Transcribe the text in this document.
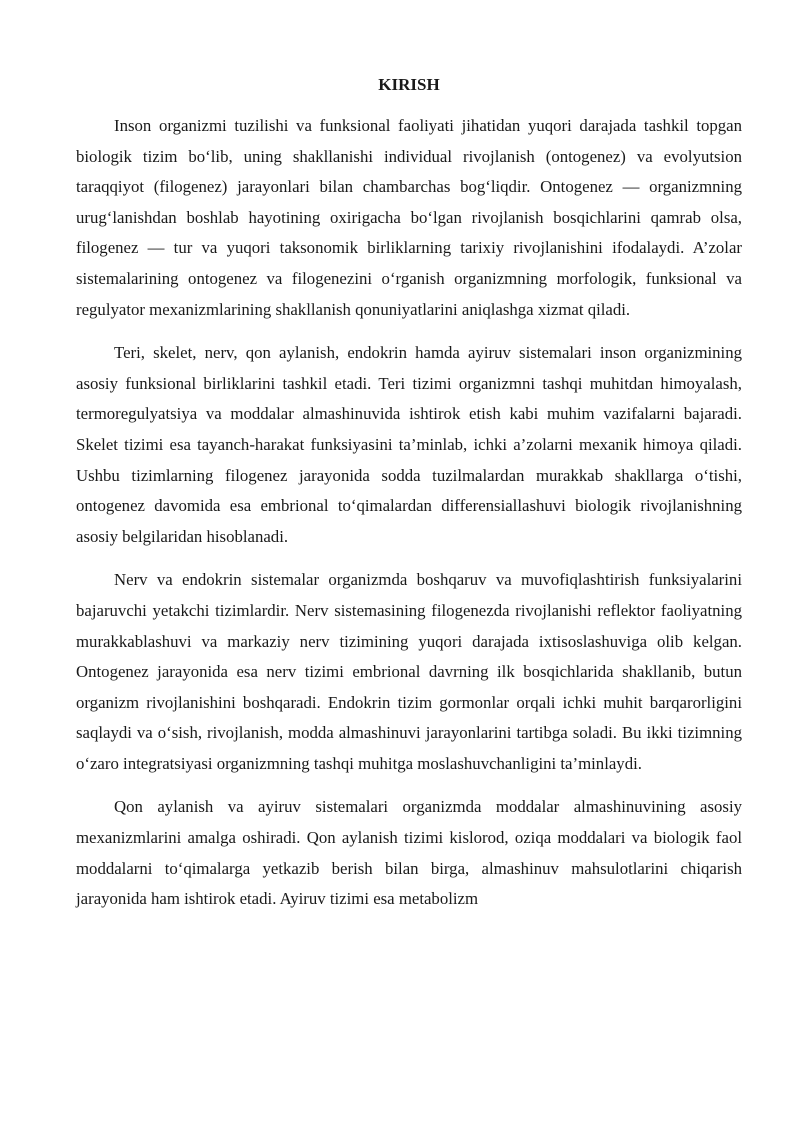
KIRISH

Inson organizmi tuzilishi va funksional faoliyati jihatidan yuqori darajada tashkil topgan biologik tizim bo‘lib, uning shakllanishi individual rivojlanish (ontogenez) va evolyutsion taraqqiyot (filogenez) jarayonlari bilan chambarchas bog‘liqdir. Ontogenez — organizmning urug‘lanishdan boshlab hayotining oxirigacha bo‘lgan rivojlanish bosqichlarini qamrab olsa, filogenez — tur va yuqori taksonomik birliklarning tarixiy rivojlanishini ifodalaydi. A’zolar sistemalarining ontogenez va filogenezini o‘rganish organizmning morfologik, funksional va regulyator mexanizmlarining shakllanish qonuniyatlarini aniqlashga xizmat qiladi.

Teri, skelet, nerv, qon aylanish, endokrin hamda ayiruv sistemalari inson organizmining asosiy funksional birliklarini tashkil etadi. Teri tizimi organizmni tashqi muhitdan himoyalash, termoregulyatsiya va moddalar almashinuvida ishtirok etish kabi muhim vazifalarni bajaradi. Skelet tizimi esa tayanch-harakat funksiyasini ta’minlab, ichki a’zolarni mexanik himoya qiladi. Ushbu tizimlarning filogenez jarayonida sodda tuzilmalardan murakkab shakllarga o‘tishi, ontogenez davomida esa embrional to‘qimalardan differensiallashuvi biologik rivojlanishning asosiy belgilaridan hisoblanadi.

Nerv va endokrin sistemalar organizmda boshqaruv va muvofiqlashtirish funksiyalarini bajaruvchi yetakchi tizimlardir. Nerv sistemasining filogenezda rivojlanishi reflektor faoliyatning murakkablashuvi va markaziy nerv tizimining yuqori darajada ixtisoslashuviga olib kelgan. Ontogenez jarayonida esa nerv tizimi embrional davrning ilk bosqichlarida shakllanib, butun organizm rivojlanishini boshqaradi. Endokrin tizim gormonlar orqali ichki muhit barqarorligini saqlaydi va o‘sish, rivojlanish, modda almashinuvi jarayonlarini tartibga soladi. Bu ikki tizimning o‘zaro integratsiyasi organizmning tashqi muhitga moslashuvchanligini ta’minlaydi.

Qon aylanish va ayiruv sistemalari organizmda moddalar almashinuvining asosiy mexanizmlarini amalga oshiradi. Qon aylanish tizimi kislorod, oziqa moddalari va biologik faol moddalarni to‘qimalarga yetkazib berish bilan birga, almashinuv mahsulotlarini chiqarish jarayonida ham ishtirok etadi. Ayiruv tizimi esa metabolizm
